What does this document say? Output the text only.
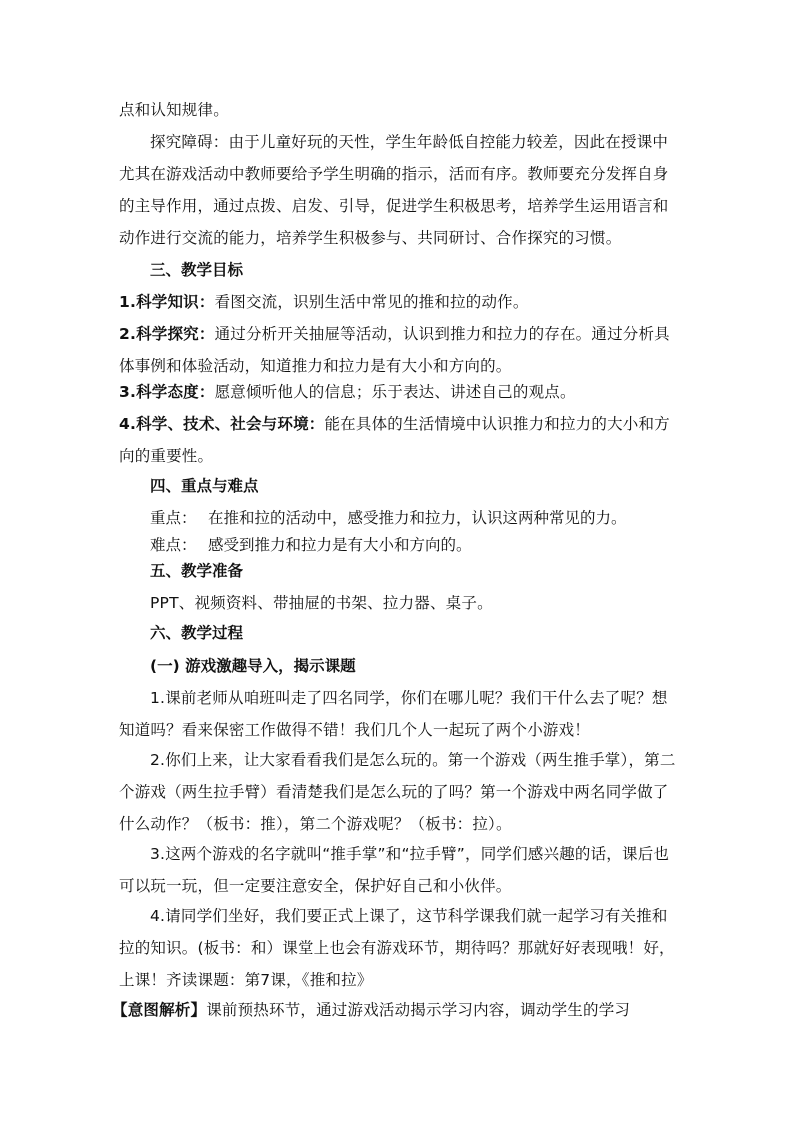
点和认知规律。

探究障碍：由于儿童好玩的天性，学生年龄低自控能力较差，因此在授课中尤其在游戏活动中教师要给予学生明确的指示，活而有序。教师要充分发挥自身的主导作用，通过点拨、启发、引导，促进学生积极思考，培养学生运用语言和动作进行交流的能力，培养学生积极参与、共同研讨、合作探究的习惯。

三、教学目标

1.科学知识：看图交流，识别生活中常见的推和拉的动作。

2.科学探究：通过分析开关抽屉等活动，认识到推力和拉力的存在。通过分析具体事例和体验活动，知道推力和拉力是有大小和方向的。

3.科学态度：愿意倾听他人的信息；乐于表达、讲述自己的观点。

4.科学、技术、社会与环境：能在具体的生活情境中认识推力和拉力的大小和方向的重要性。

四、重点与难点

重点： 在推和拉的活动中，感受推力和拉力，认识这两种常见的力。

难点： 感受到推力和拉力是有大小和方向的。

五、教学准备

PPT、视频资料、带抽屉的书架、拉力器、桌子。

六、教学过程

(一) 游戏激趣导入，揭示课题

1.课前老师从咱班叫走了四名同学，你们在哪儿呢？我们干什么去了呢？想知道吗？看来保密工作做得不错！我们几个人一起玩了两个小游戏！

2.你们上来，让大家看看我们是怎么玩的。第一个游戏（两生推手掌），第二个游戏（两生拉手臂）看清楚我们是怎么玩的了吗？第一个游戏中两名同学做了什么动作？（板书：推），第二个游戏呢？（板书：拉）。

3.这两个游戏的名字就叫“推手掌”和“拉手臂”，同学们感兴趣的话，课后也可以玩一玩，但一定要注意安全，保护好自己和小伙伴。

4.请同学们坐好，我们要正式上课了，这节科学课我们就一起学习有关推和拉的知识。(板书：和）课堂上也会有游戏环节，期待吗？那就好好表现哦！好，上课！齐读课题：第7课，《推和拉》

【意图解析】课前预热环节，通过游戏活动揭示学习内容，调动学生的学习
